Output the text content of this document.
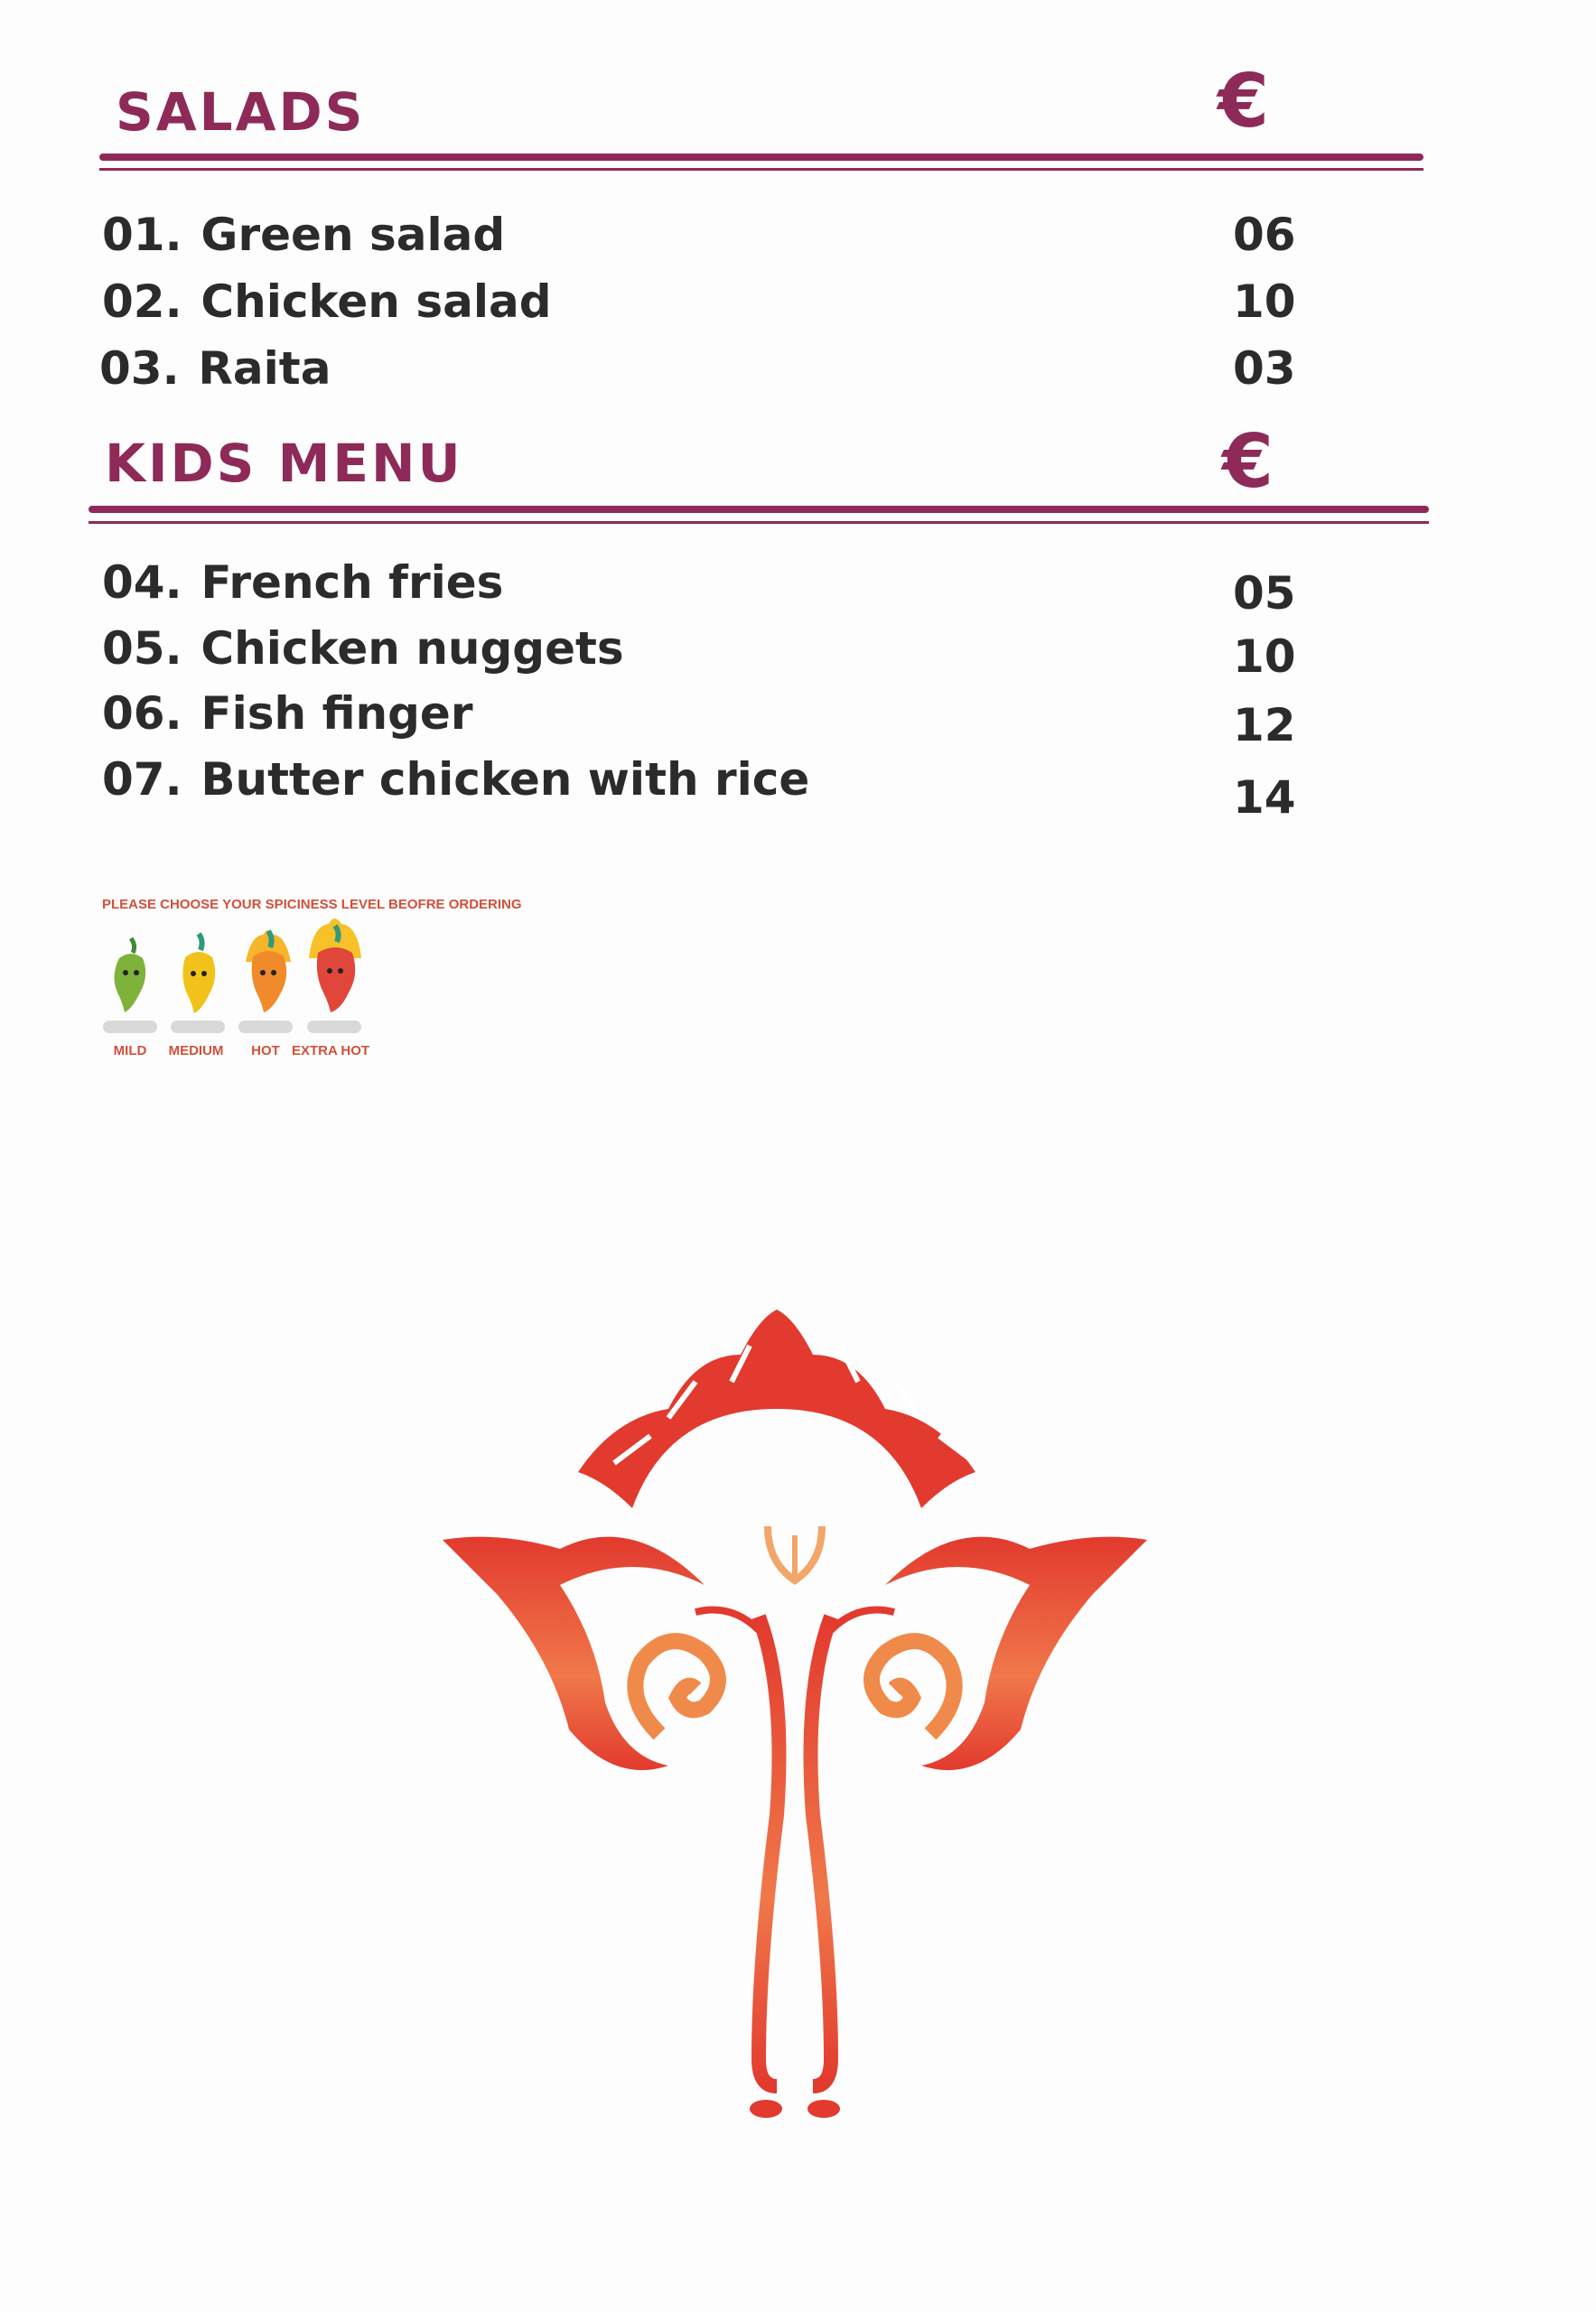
SALADS	€

01. Green salad	06

02. Chicken salad	10

03. Raita	03

KIDS MENU	€

04. French fries	05

05. Chicken nuggets	10

06. Fish finger	12

07. Butter chicken with rice	14

PLEASE CHOOSE YOUR SPICINESS LEVEL BEOFRE ORDERING

MILD	MEDIUM	HOT EXTRA HOT
